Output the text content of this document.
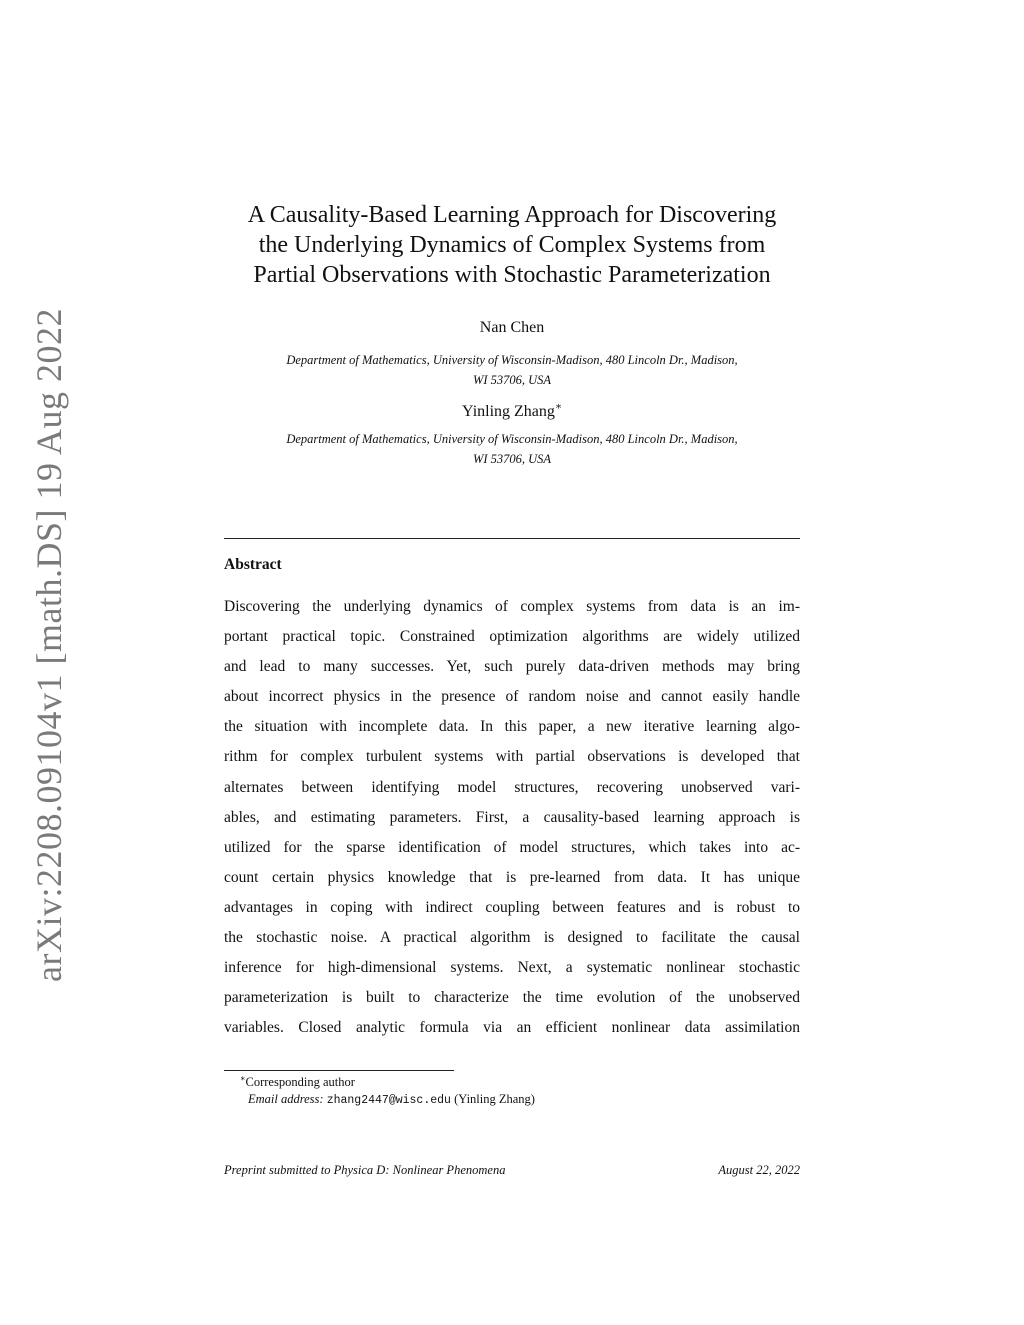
arXiv:2208.09104v1 [math.DS] 19 Aug 2022
A Causality-Based Learning Approach for Discovering
the Underlying Dynamics of Complex Systems from
Partial Observations with Stochastic Parameterization
Nan Chen
Department of Mathematics, University of Wisconsin-Madison, 480 Lincoln Dr., Madison,
WI 53706, USA
Yinling Zhang∗
Department of Mathematics, University of Wisconsin-Madison, 480 Lincoln Dr., Madison,
WI 53706, USA
Abstract

Discovering the underlying dynamics of complex systems from data is an im-
portant practical topic. Constrained optimization algorithms are widely utilized
and lead to many successes. Yet, such purely data-driven methods may bring
about incorrect physics in the presence of random noise and cannot easily handle
the situation with incomplete data. In this paper, a new iterative learning algo-
rithm for complex turbulent systems with partial observations is developed that
alternates between identifying model structures, recovering unobserved vari-
ables, and estimating parameters. First, a causality-based learning approach is
utilized for the sparse identification of model structures, which takes into ac-
count certain physics knowledge that is pre-learned from data. It has unique
advantages in coping with indirect coupling between features and is robust to
the stochastic noise. A practical algorithm is designed to facilitate the causal
inference for high-dimensional systems. Next, a systematic nonlinear stochastic
parameterization is built to characterize the time evolution of the unobserved
variables. Closed analytic formula via an efficient nonlinear data assimilation

∗Corresponding author
Email address: zhang2447@wisc.edu (Yinling Zhang)
Preprint submitted to Physica D: Nonlinear Phenomena	August 22, 2022
